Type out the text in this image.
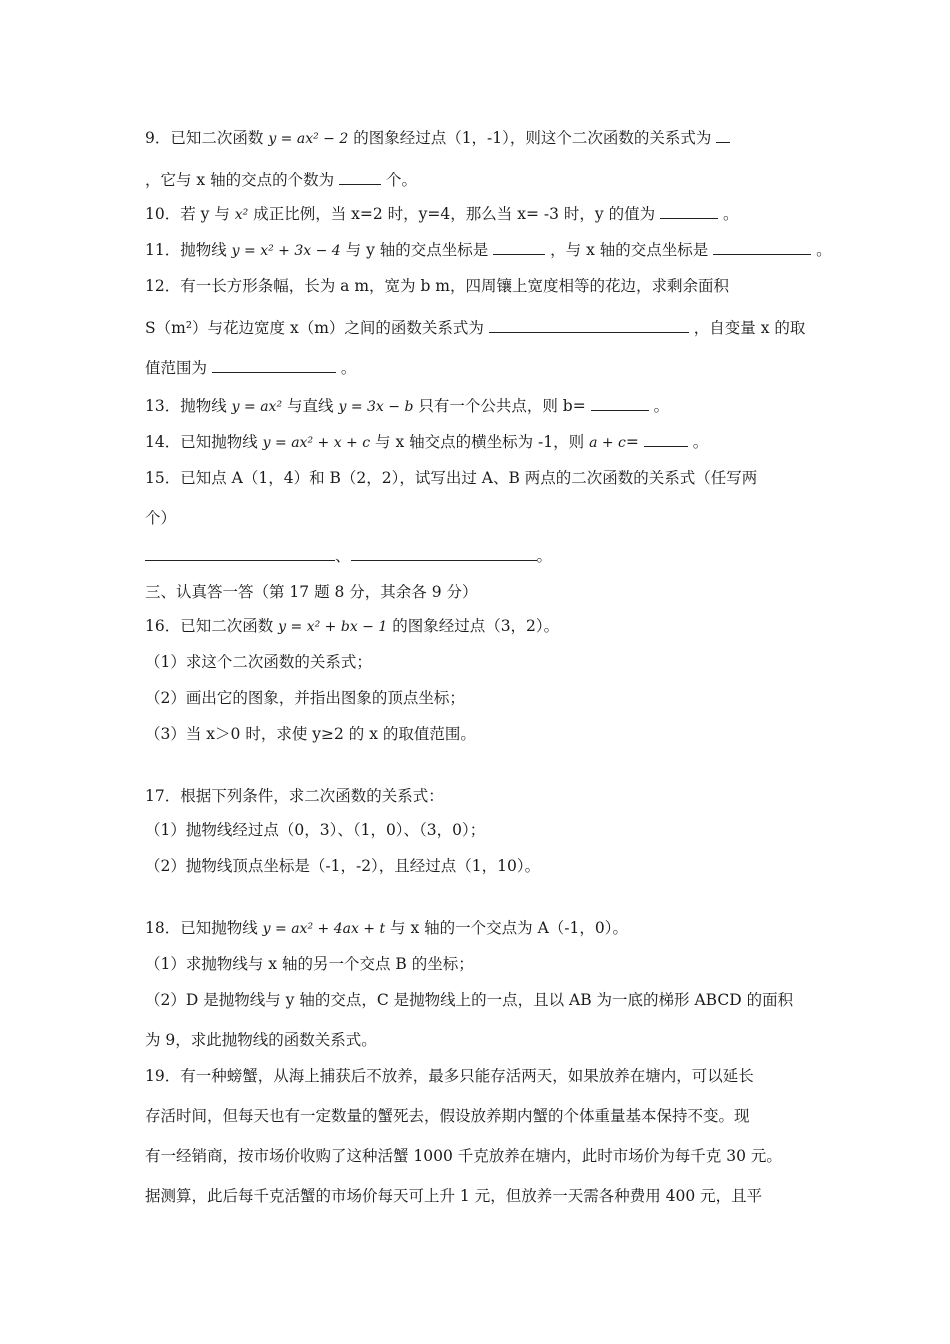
9．已知二次函数 y = ax² − 2 的图象经过点（1，-1），则这个二次函数的关系式为
，它与 x 轴的交点的个数为	个。
10．若 y 与 x² 成正比例，当 x=2 时，y=4，那么当 x= -3 时，y 的值为	。
11．抛物线 y = x² + 3x − 4 与 y 轴的交点坐标是	，与 x 轴的交点坐标是	。
12．有一长方形条幅，长为 a m，宽为 b m，四周镶上宽度相等的花边，求剩余面积
S（m²）与花边宽度 x（m）之间的函数关系式为	，自变量 x 的取
值范围为	。
13．抛物线 y = ax² 与直线 y = 3x − b 只有一个公共点，则 b=	。
14．已知抛物线 y = ax² + x + c 与 x 轴交点的横坐标为 -1，则 a + c=	。
15．已知点 A（1，4）和 B（2，2），试写出过 A、B 两点的二次函数的关系式（任写两
个）
、	。
三、认真答一答（第 17 题 8 分，其余各 9 分）
16．已知二次函数 y = x² + bx − 1 的图象经过点（3，2）。
（1）求这个二次函数的关系式；
（2）画出它的图象，并指出图象的顶点坐标；
（3）当 x＞0 时，求使 y≥2 的 x 的取值范围。
17．根据下列条件，求二次函数的关系式：
（1）抛物线经过点（0，3）、（1，0）、（3，0）；
（2）抛物线顶点坐标是（-1，-2），且经过点（1，10）。
18．已知抛物线 y = ax² + 4ax + t 与 x 轴的一个交点为 A（-1，0）。
（1）求抛物线与 x 轴的另一个交点 B 的坐标；
（2）D 是抛物线与 y 轴的交点，C 是抛物线上的一点，且以 AB 为一底的梯形 ABCD 的面积
为 9，求此抛物线的函数关系式。
19．有一种螃蟹，从海上捕获后不放养，最多只能存活两天，如果放养在塘内，可以延长
存活时间，但每天也有一定数量的蟹死去，假设放养期内蟹的个体重量基本保持不变。现
有一经销商，按市场价收购了这种活蟹 1000 千克放养在塘内，此时市场价为每千克 30 元。
据测算，此后每千克活蟹的市场价每天可上升 1 元，但放养一天需各种费用 400 元，且平
